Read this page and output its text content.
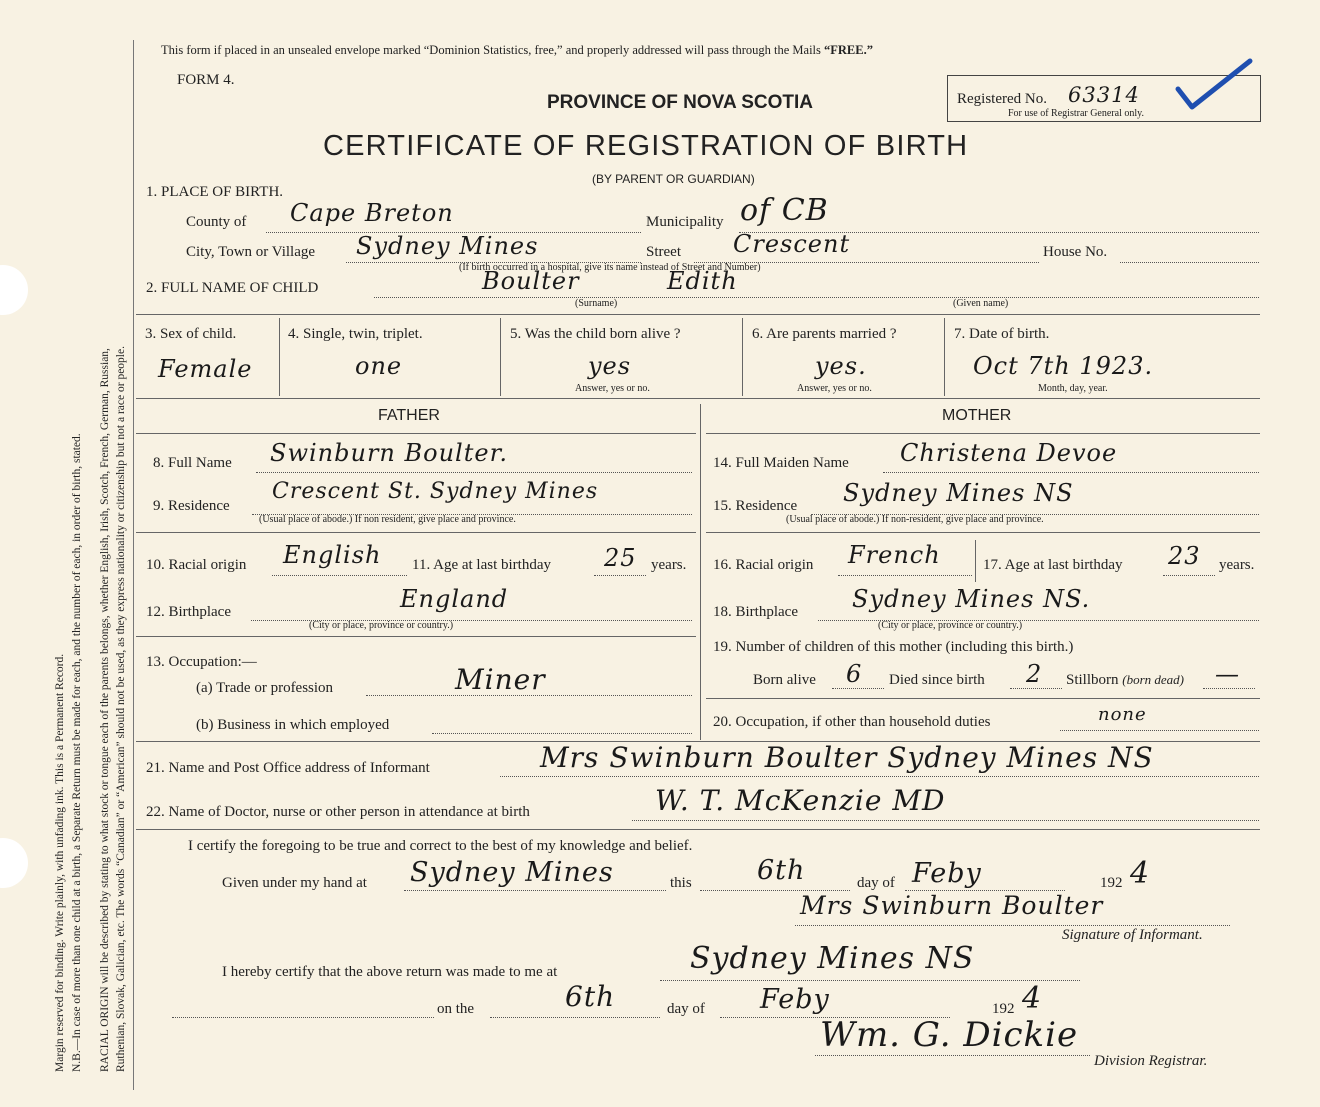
Margin reserved for binding. Write plainly, with unfading ink. This is a Permanent Record. N.B.—In case of more than one child at a birth, a Separate Return must be made for each, and the number of each, in order of birth, stated. RACIAL ORIGIN will be described by stating to what stock or tongue each of the parents belongs, whether English, Irish, Scotch, French, German, Russian, Ruthenian, Slovak, Galician, etc. The words “Canadian” or “American” should not be used, as they express nationality or citizenship but not a race or people.
This form if placed in an unsealed envelope marked “Dominion Statistics, free,” and properly addressed will pass through the Mails “FREE.”
FORM 4.
PROVINCE OF NOVA SCOTIA
CERTIFICATE OF REGISTRATION OF BIRTH
(BY PARENT OR GUARDIAN)
Registered No. 63314
For use of Registrar General only.
1. PLACE OF BIRTH.
County of Cape Breton	Municipality of CB
City, Town or Village Sydney Mines	Street Crescent	House No.
(If birth occurred in a hospital, give its name instead of Street and Number)
2. FULL NAME OF CHILD	Boulter	Edith
(Surname)	(Given name)
3. Sex of child.
Female
4. Single, twin, triplet.
one
5. Was the child born alive ?
yes
Answer, yes or no.
6. Are parents married ?
yes.
Answer, yes or no.
7. Date of birth.
Oct 7th 1923.
Month, day, year.
FATHER	MOTHER
8. Full Name Swinburn Boulter.
9. Residence
Crescent St. Sydney Mines
(Usual place of abode.) If non resident, give place and province.
10. Racial origin English 11. Age at last birthday 25 years.
12. Birthplace	England
(City or place, province or country.)
13. Occupation:—
(a) Trade or profession	Miner
(b) Business in which employed
14. Full Maiden Name Christena Devoe
15. Residence Sydney Mines NS
(Usual place of abode.) If non-resident, give place and province.
16. Racial origin French	17. Age at last birthday 23 years.
18. Birthplace Sydney Mines NS.
(City or place, province or country.)
19. Number of children of this mother (including this birth.)
Born alive 6 Died since birth 2 Stillborn (born dead) —
20. Occupation, if other than household duties	none
21. Name and Post Office address of Informant	Mrs Swinburn Boulter Sydney Mines NS
22. Name of Doctor, nurse or other person in attendance at birth	W. T. McKenzie MD
I certify the foregoing to be true and correct to the best of my knowledge and belief.
Given under my hand at Sydney Mines	this 6th	day of Feby	192 4
Mrs Swinburn Boulter
Signature of Informant.
I hereby certify that the above return was made to me at	Sydney Mines NS
on the	6th	day of Feby	192 4
Wm. G. Dickie
Division Registrar.
